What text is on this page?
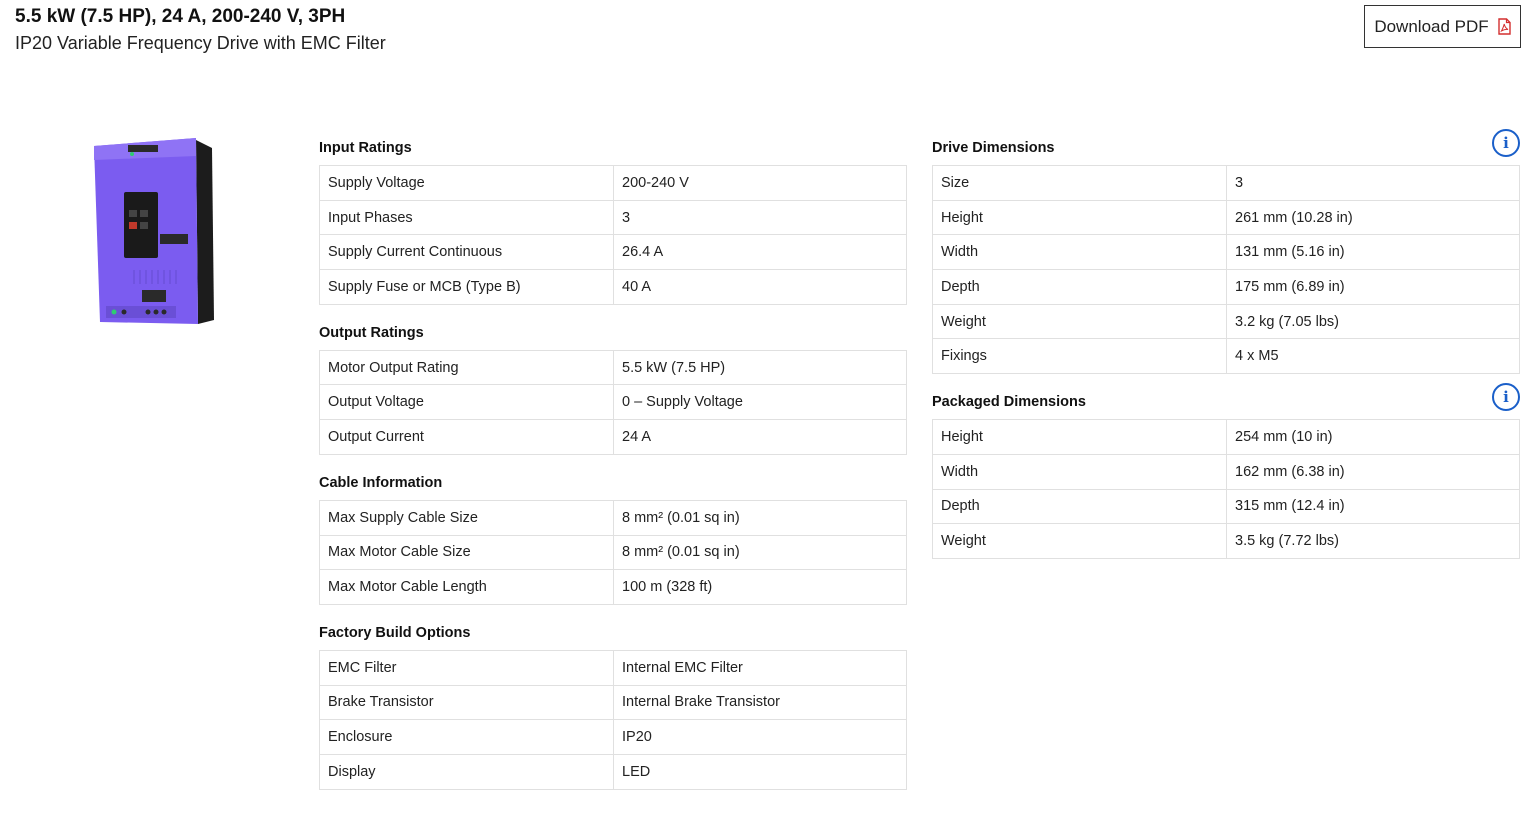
5.5 kW (7.5 HP), 24 A, 200-240 V, 3PH
IP20 Variable Frequency Drive with EMC Filter
Download PDF
Input Ratings
Supply Voltage	200-240 V
Input Phases	3
Supply Current Continuous	26.4 A
Supply Fuse or MCB (Type B)	40 A
Output Ratings
Motor Output Rating	5.5 kW (7.5 HP)
Output Voltage	0 – Supply Voltage
Output Current	24 A
Cable Information
Max Supply Cable Size	8 mm² (0.01 sq in)
Max Motor Cable Size	8 mm² (0.01 sq in)
Max Motor Cable Length	100 m (328 ft)
Factory Build Options
EMC Filter	Internal EMC Filter
Brake Transistor	Internal Brake Transistor
Enclosure	IP20
Display	LED
Drive Dimensions	i
Size	3
Height	261 mm (10.28 in)
Width	131 mm (5.16 in)
Depth	175 mm (6.89 in)
Weight	3.2 kg (7.05 lbs)
Fixings	4 x M5
Packaged Dimensions	i
Height	254 mm (10 in)
Width	162 mm (6.38 in)
Depth	315 mm (12.4 in)
Weight	3.5 kg (7.72 lbs)
